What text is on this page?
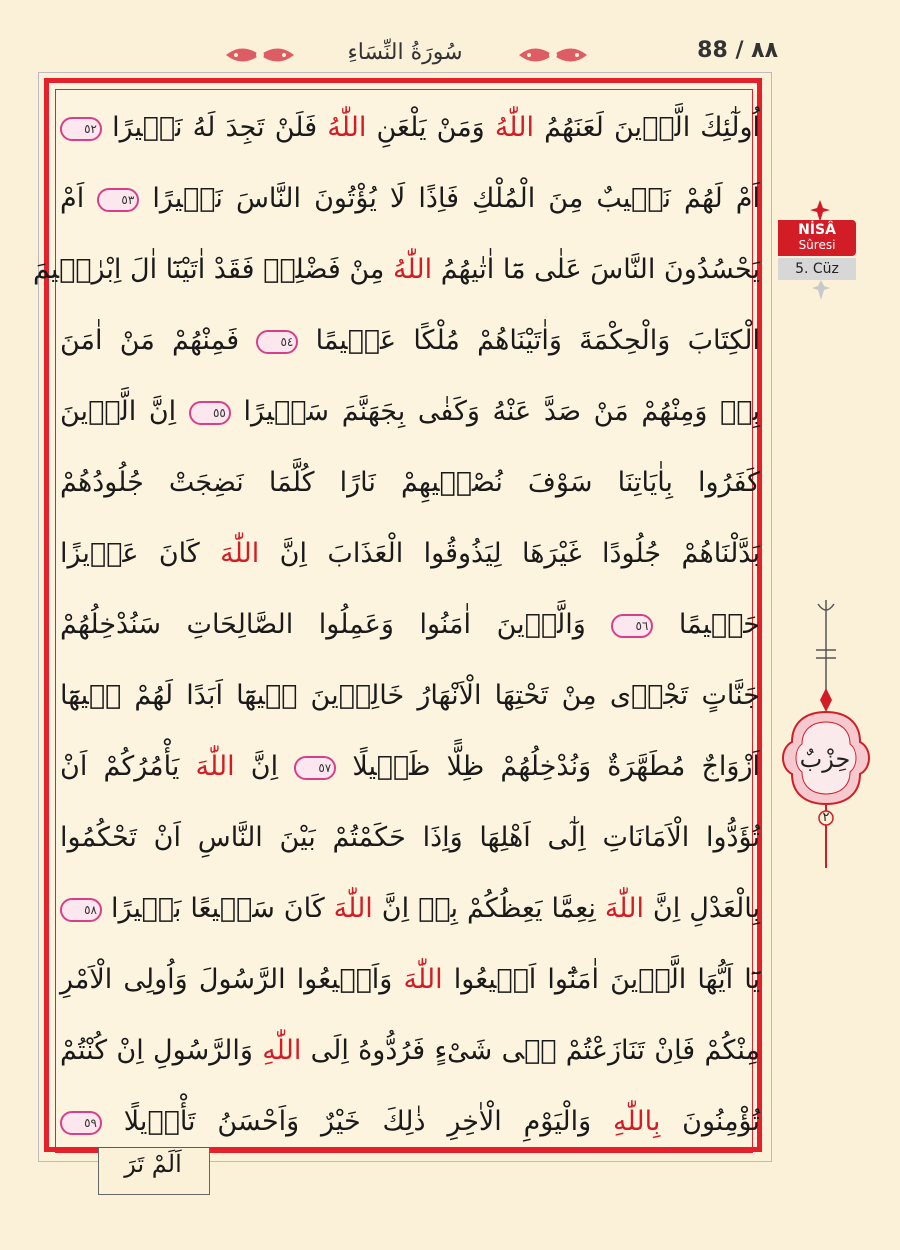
سُورَةُ النِّسَاءِ	88 / ٨٨
اُولٰٓئِكَ الَّذٖينَ لَعَنَهُمُ اللّٰهُ وَمَنْ يَلْعَنِ اللّٰهُ فَلَنْ تَجِدَ لَهُ نَصٖيرًا ٥٢
اَمْ لَهُمْ نَصٖيبٌ مِنَ الْمُلْكِ فَاِذًا لَا يُؤْتُونَ النَّاسَ نَقٖيرًا ٥٣ اَمْ
يَحْسُدُونَ النَّاسَ عَلٰى مَٓا اٰتٰيهُمُ اللّٰهُ مِنْ فَضْلِهٖ فَقَدْ اٰتَيْنَٓا اٰلَ اِبْرٰهٖيمَ
الْكِتَابَ وَالْحِكْمَةَ وَاٰتَيْنَاهُمْ مُلْكًا عَظٖيمًا ٥٤ فَمِنْهُمْ مَنْ اٰمَنَ
بِهٖ وَمِنْهُمْ مَنْ صَدَّ عَنْهُ وَكَفٰى بِجَهَنَّمَ سَعٖيرًا ٥٥ اِنَّ الَّذٖينَ
كَفَرُوا بِاٰيَاتِنَا سَوْفَ نُصْلٖيهِمْ نَارًا كُلَّمَا نَضِجَتْ جُلُودُهُمْ
بَدَّلْنَاهُمْ جُلُودًا غَيْرَهَا لِيَذُوقُوا الْعَذَابَ اِنَّ اللّٰهَ كَانَ عَزٖيزًا
حَكٖيمًا ٥٦ وَالَّذٖينَ اٰمَنُوا وَعَمِلُوا الصَّالِحَاتِ سَنُدْخِلُهُمْ
جَنَّاتٍ تَجْرٖى مِنْ تَحْتِهَا الْاَنْهَارُ خَالِدٖينَ فٖيهَٓا اَبَدًا لَهُمْ فٖيهَٓا
اَزْوَاجٌ مُطَهَّرَةٌ وَنُدْخِلُهُمْ ظِلًّا ظَلٖيلًا ٥٧ اِنَّ اللّٰهَ يَأْمُرُكُمْ اَنْ
تُؤَدُّوا الْاَمَانَاتِ اِلٰٓى اَهْلِهَا وَاِذَا حَكَمْتُمْ بَيْنَ النَّاسِ اَنْ تَحْكُمُوا
بِالْعَدْلِ اِنَّ اللّٰهَ نِعِمَّا يَعِظُكُمْ بِهٖ اِنَّ اللّٰهَ كَانَ سَمٖيعًا بَصٖيرًا ٥٨
يَٓا اَيُّهَا الَّذٖينَ اٰمَنُٓوا اَطٖيعُوا اللّٰهَ وَاَطٖيعُوا الرَّسُولَ وَاُولِى الْاَمْرِ
مِنْكُمْ فَاِنْ تَنَازَعْتُمْ فٖى شَیْءٍ فَرُدُّوهُ اِلَى اللّٰهِ وَالرَّسُولِ اِنْ كُنْتُمْ
تُؤْمِنُونَ بِاللّٰهِ وَالْيَوْمِ الْاٰخِرِ ذٰلِكَ خَيْرٌ وَاَحْسَنُ تَأْوٖيلًا ٥٩
اَلَمْ تَرَ
NİSÂ
Sûresi
5. Cüz
حِزْبٌ
٢
